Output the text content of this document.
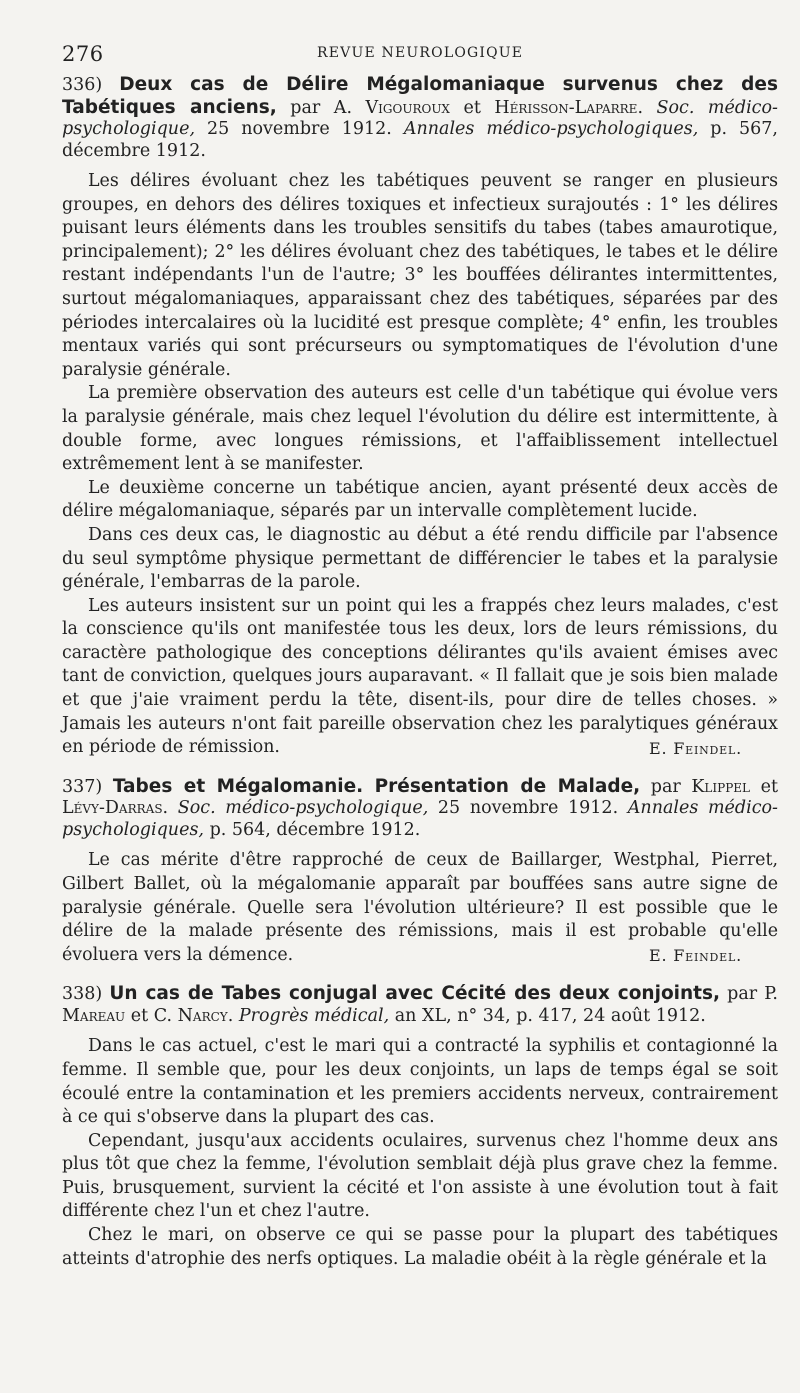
276	REVUE NEUROLOGIQUE

336) Deux cas de Délire Mégalomaniaque survenus chez des Tabétiques anciens, par A. Vigouroux et Hérisson-Laparre. Soc. médico-psychologique, 25 novembre 1912. Annales médico-psychologiques, p. 567, décembre 1912.

Les délires évoluant chez les tabétiques peuvent se ranger en plusieurs groupes, en dehors des délires toxiques et infectieux surajoutés : 1° les délires puisant leurs éléments dans les troubles sensitifs du tabes (tabes amaurotique, principalement); 2° les délires évoluant chez des tabétiques, le tabes et le délire restant indépendants l'un de l'autre; 3° les bouffées délirantes intermittentes, surtout mégalomaniaques, apparaissant chez des tabétiques, séparées par des périodes intercalaires où la lucidité est presque complète; 4° enfin, les troubles mentaux variés qui sont précurseurs ou symptomatiques de l'évolution d'une paralysie générale.

La première observation des auteurs est celle d'un tabétique qui évolue vers la paralysie générale, mais chez lequel l'évolution du délire est intermittente, à double forme, avec longues rémissions, et l'affaiblissement intellectuel extrêmement lent à se manifester.

Le deuxième concerne un tabétique ancien, ayant présenté deux accès de délire mégalomaniaque, séparés par un intervalle complètement lucide.

Dans ces deux cas, le diagnostic au début a été rendu difficile par l'absence du seul symptôme physique permettant de différencier le tabes et la paralysie générale, l'embarras de la parole.

Les auteurs insistent sur un point qui les a frappés chez leurs malades, c'est la conscience qu'ils ont manifestée tous les deux, lors de leurs rémissions, du caractère pathologique des conceptions délirantes qu'ils avaient émises avec tant de conviction, quelques jours auparavant. « Il fallait que je sois bien malade et que j'aie vraiment perdu la tête, disent-ils, pour dire de telles choses. » Jamais les auteurs n'ont fait pareille observation chez les paralytiques généraux en période de rémission.	E. Feindel.

337) Tabes et Mégalomanie. Présentation de Malade, par Klippel et Lévy-Darras. Soc. médico-psychologique, 25 novembre 1912. Annales médico-psychologiques, p. 564, décembre 1912.

Le cas mérite d'être rapproché de ceux de Baillarger, Westphal, Pierret, Gilbert Ballet, où la mégalomanie apparaît par bouffées sans autre signe de paralysie générale. Quelle sera l'évolution ultérieure? Il est possible que le délire de la malade présente des rémissions, mais il est probable qu'elle évoluera vers la démence.	E. Feindel.

338) Un cas de Tabes conjugal avec Cécité des deux conjoints, par P. Mareau et C. Narcy. Progrès médical, an XL, n° 34, p. 417, 24 août 1912.

Dans le cas actuel, c'est le mari qui a contracté la syphilis et contagionné la femme. Il semble que, pour les deux conjoints, un laps de temps égal se soit écoulé entre la contamination et les premiers accidents nerveux, contrairement à ce qui s'observe dans la plupart des cas.

Cependant, jusqu'aux accidents oculaires, survenus chez l'homme deux ans plus tôt que chez la femme, l'évolution semblait déjà plus grave chez la femme. Puis, brusquement, survient la cécité et l'on assiste à une évolution tout à fait différente chez l'un et chez l'autre.

Chez le mari, on observe ce qui se passe pour la plupart des tabétiques atteints d'atrophie des nerfs optiques. La maladie obéit à la règle générale et la
